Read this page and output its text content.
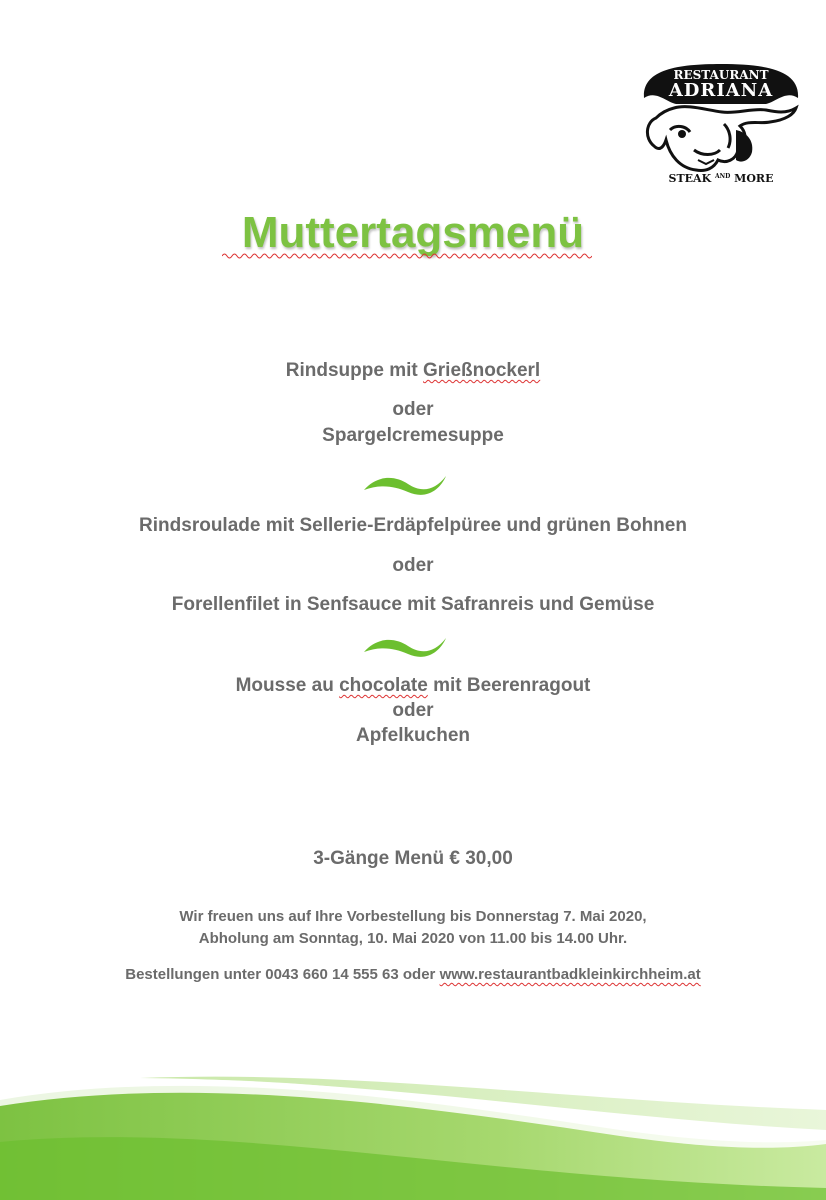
RESTAURANT
ADRIANA
STEAK $^{AND}$ MORE
Muttertagsmenü
Rindsuppe mit Grießnockerl
oder
Spargelcremesuppe
Rindsroulade mit Sellerie-Erdäpfelpüree und grünen Bohnen
oder
Forellenfilet in Senfsauce mit Safranreis und Gemüse
Mousse au chocolate mit Beerenragout
oder
Apfelkuchen
3-Gänge Menü € 30,00
Wir freuen uns auf Ihre Vorbestellung bis Donnerstag 7. Mai 2020,
Abholung am Sonntag, 10. Mai 2020 von 11.00 bis 14.00 Uhr.
Bestellungen unter 0043 660 14 555 63 oder www.restaurantbadkleinkirchheim.at
